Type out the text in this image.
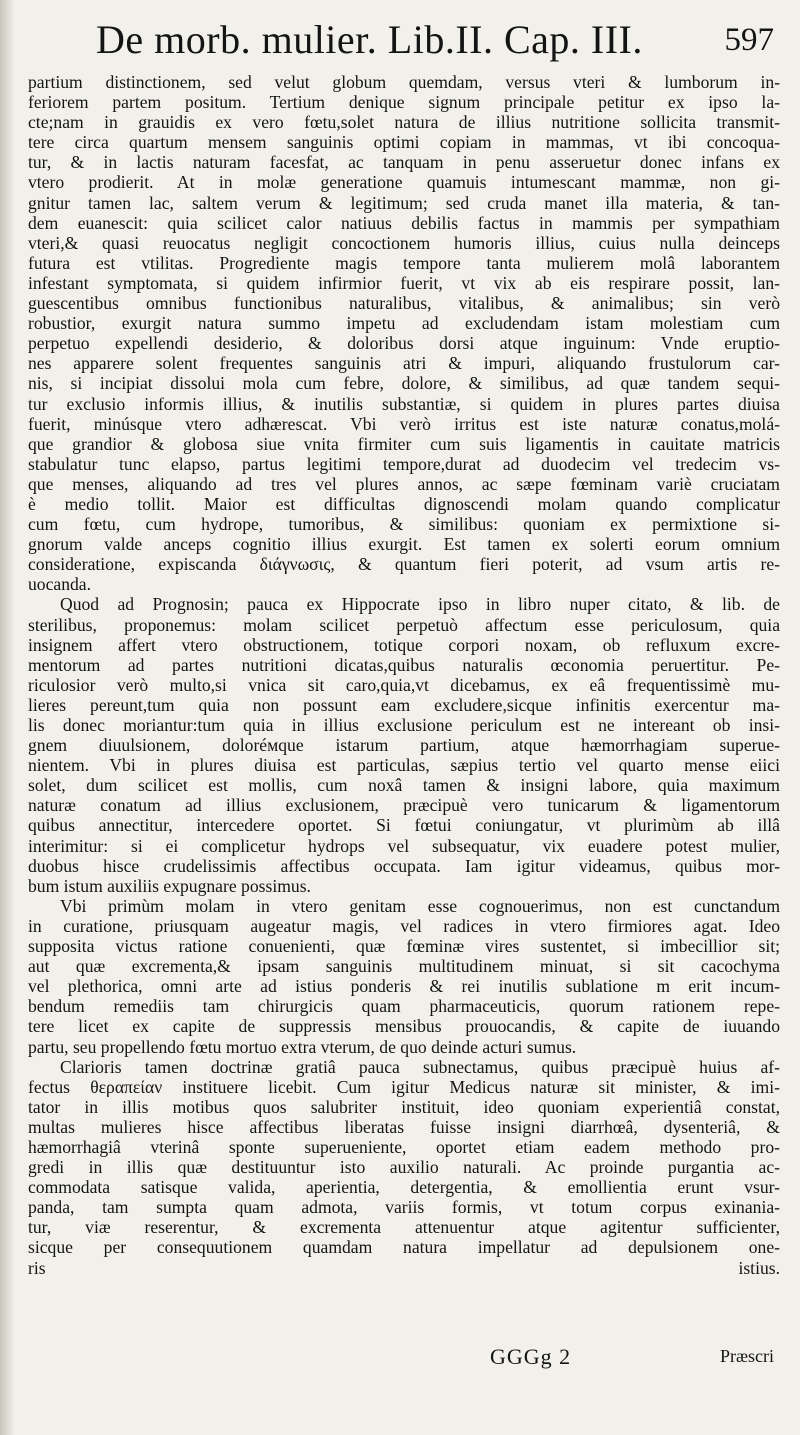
De morb. mulier. Lib.II. Cap. III. 597
partium distinctionem, sed velut globum quemdam, versus vteri & lumborum in-
feriorem partem positum. Tertium denique signum principale petitur ex ipso la-
cte;nam in grauidis ex vero fœtu,solet natura de illius nutritione sollicita transmit-
tere circa quartum mensem sanguinis optimi copiam in mammas, vt ibi concoqua-
tur, & in lactis naturam facesfat, ac tanquam in penu asseruetur donec infans ex
vtero prodierit. At in molæ generatione quamuis intumescant mammæ, non gi-
gnitur tamen lac, saltem verum & legitimum; sed cruda manet illa materia, & tan-
dem euanescit: quia scilicet calor natiuus debilis factus in mammis per sympathiam
vteri,& quasi reuocatus negligit concoctionem humoris illius, cuius nulla deinceps
futura est vtilitas. Progrediente magis tempore tanta mulierem molâ laborantem
infestant symptomata, si quidem infirmior fuerit, vt vix ab eis respirare possit, lan-
guescentibus omnibus functionibus naturalibus, vitalibus, & animalibus; sin verò
robustior, exurgit natura summo impetu ad excludendam istam molestiam cum
perpetuo expellendi desiderio, & doloribus dorsi atque inguinum: Vnde eruptio-
nes apparere solent frequentes sanguinis atri & impuri, aliquando frustulorum car-
nis, si incipiat dissolui mola cum febre, dolore, & similibus, ad quæ tandem sequi-
tur exclusio informis illius, & inutilis substantiæ, si quidem in plures partes diuisa
fuerit, minúsque vtero adhærescat. Vbi verò irritus est iste naturæ conatus,molá-
que grandior & globosa siue vnita firmiter cum suis ligamentis in cauitate matricis
stabulatur tunc elapso, partus legitimi tempore,durat ad duodecim vel tredecim vs-
que menses, aliquando ad tres vel plures annos, ac sæpe fœminam variè cruciatam
è medio tollit. Maior est difficultas dignoscendi molam quando complicatur
cum fœtu, cum hydrope, tumoribus, & similibus: quoniam ex permixtione si-
gnorum valde anceps cognitio illius exurgit. Est tamen ex solerti eorum omnium
consideratione, expiscanda διάγνωσις, & quantum fieri poterit, ad vsum artis re-
uocanda.
Quod ad Prognosin; pauca ex Hippocrate ipso in libro nuper citato, & lib. de
sterilibus, proponemus: molam scilicet perpetuò affectum esse periculosum, quia
insignem affert vtero obstructionem, totique corpori noxam, ob refluxum excre-
mentorum ad partes nutritioni dicatas,quibus naturalis œconomia peruertitur. Pe-
riculosior verò multo,si vnica sit caro,quia,vt dicebamus, ex eâ frequentissimè mu-
lieres pereunt,tum quia non possunt eam excludere,sicque infinitis exercentur ma-
lis donec moriantur:tum quia in illius exclusione periculum est ne intereant ob insi-
gnem diuulsionem, doloréмque istarum partium, atque hæmorrhagiam superue-
nientem. Vbi in plures diuisa est particulas, sæpius tertio vel quarto mense eiici
solet, dum scilicet est mollis, cum noxâ tamen & insigni labore, quia maximum
naturæ conatum ad illius exclusionem, præcipuè vero tunicarum & ligamentorum
quibus annectitur, intercedere oportet. Si fœtui coniungatur, vt plurimùm ab illâ
interimitur: si ei complicetur hydrops vel subsequatur, vix euadere potest mulier,
duobus hisce crudelissimis affectibus occupata. Iam igitur videamus, quibus mor-
bum istum auxiliis expugnare possimus.
Vbi primùm molam in vtero genitam esse cognouerimus, non est cunctandum
in curatione, priusquam augeatur magis, vel radices in vtero firmiores agat. Ideo
supposita victus ratione conuenienti, quæ fœminæ vires sustentet, si imbecillior sit;
aut quæ excrementa,& ipsam sanguinis multitudinem minuat, si sit cacochyma
vel plethorica, omni arte ad istius ponderis & rei inutilis sublatione m erit incum-
bendum remediis tam chirurgicis quam pharmaceuticis, quorum rationem repe-
tere licet ex capite de suppressis mensibus prouocandis, & capite de iuuando
partu, seu propellendo fœtu mortuo extra vterum, de quo deinde acturi sumus.
Clarioris tamen doctrinæ gratiâ pauca subnectamus, quibus præcipuè huius af-
fectus θεραπείαν instituere licebit. Cum igitur Medicus naturæ sit minister, & imi-
tator in illis motibus quos salubriter instituit, ideo quoniam experientiâ constat,
multas mulieres hisce affectibus liberatas fuisse insigni diarrhœâ, dysenteriâ, &
hæmorrhagiâ vterinâ sponte superueniente, oportet etiam eadem methodo pro-
gredi in illis quæ destituuntur isto auxilio naturali. Ac proinde purgantia ac-
commodata satisque valida, aperientia, detergentia, & emollientia erunt vsur-
panda, tam sumpta quam admota, variis formis, vt totum corpus exinania-
tur, viæ reserentur, & excrementa attenuentur atque agitentur sufficienter,
sicque per consequutionem quamdam natura impellatur ad depulsionem one-
ris istius.
GGGg 2	Præscri
